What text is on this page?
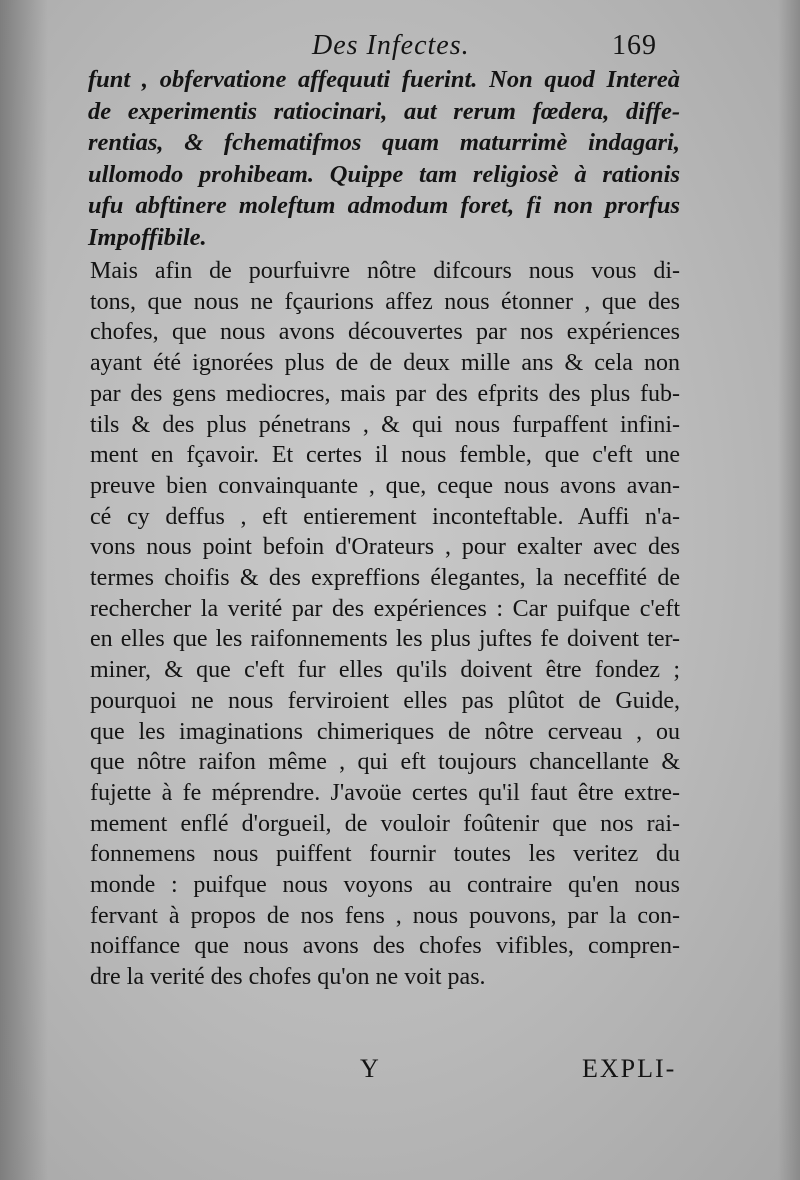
Des Infectes.	169
funt , obfervatione affequuti fuerint. Non quod Intereà
de experimentis ratiocinari, aut rerum fœdera, diffe-
rentias, & fchematifmos quam maturrimè indagari,
ullomodo prohibeam. Quippe tam religiosè à rationis
ufu abftinere moleftum admodum foret, fi non prorfus
Impoffibile.
Mais afin de pourfuivre nôtre difcours nous vous di-
tons, que nous ne fçaurions affez nous étonner , que des
chofes, que nous avons découvertes par nos expériences
ayant été ignorées plus de de deux mille ans & cela non
par des gens mediocres, mais par des efprits des plus fub-
tils & des plus pénetrans , & qui nous furpaffent infini-
ment en fçavoir. Et certes il nous femble, que c'eft une
preuve bien convainquante , que, ceque nous avons avan-
cé cy deffus , eft entierement inconteftable. Auffi n'a-
vons nous point befoin d'Orateurs , pour exalter avec des
termes choifis & des expreffions élegantes, la neceffité de
rechercher la verité par des expériences : Car puifque c'eft
en elles que les raifonnements les plus juftes fe doivent ter-
miner, & que c'eft fur elles qu'ils doivent être fondez ;
pourquoi ne nous ferviroient elles pas plûtot de Guide,
que les imaginations chimeriques de nôtre cerveau , ou
que nôtre raifon même , qui eft toujours chancellante &
fujette à fe méprendre. J'avoüe certes qu'il faut être extre-
mement enflé d'orgueil, de vouloir foûtenir que nos rai-
fonnemens nous puiffent fournir toutes les veritez du
monde : puifque nous voyons au contraire qu'en nous
fervant à propos de nos fens , nous pouvons, par la con-
noiffance que nous avons des chofes vifibles, compren-
dre la verité des chofes qu'on ne voit pas.
Y	EXPLI-
